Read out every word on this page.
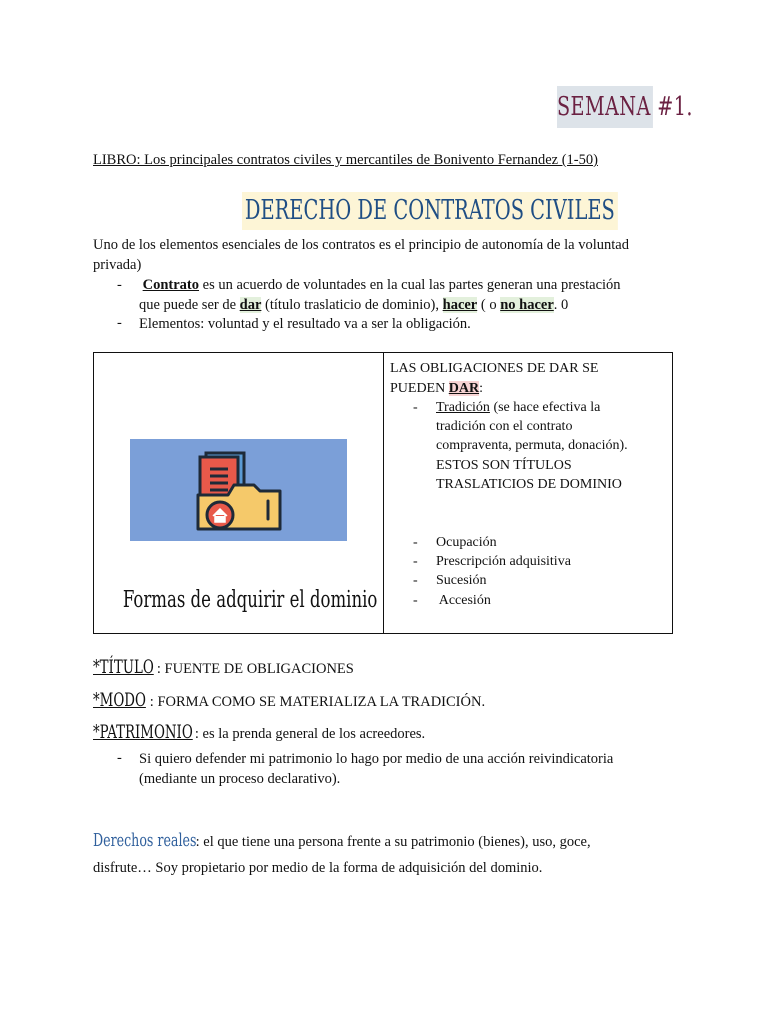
SEMANA #1.
LIBRO: Los principales contratos civiles y mercantiles de Bonivento Fernandez (1-50)
DERECHO DE CONTRATOS CIVILES
Uno de los elementos esenciales de los contratos es el principio de autonomía de la voluntad
privada)
- Contrato es un acuerdo de voluntades en la cual las partes generan una prestación
que puede ser de dar (título traslaticio de dominio), hacer ( o no hacer. 0
- Elementos: voluntad y el resultado va a ser la obligación.
Formas de adquirir el dominio
LAS OBLIGACIONES DE DAR SE
PUEDEN DAR:
- Tradición (se hace efectiva la
tradición con el contrato
compraventa, permuta, donación).
ESTOS SON TÍTULOS
TRASLATICIOS DE DOMINIO
- Ocupación
- Prescripción adquisitiva
- Sucesión
- Accesión
*TÍTULO : FUENTE DE OBLIGACIONES
*MODO : FORMA COMO SE MATERIALIZA LA TRADICIÓN.
*PATRIMONIO : es la prenda general de los acreedores.
- Si quiero defender mi patrimonio lo hago por medio de una acción reivindicatoria
(mediante un proceso declarativo).
Derechos reales: el que tiene una persona frente a su patrimonio (bienes), uso, goce,
disfrute… Soy propietario por medio de la forma de adquisición del dominio.
